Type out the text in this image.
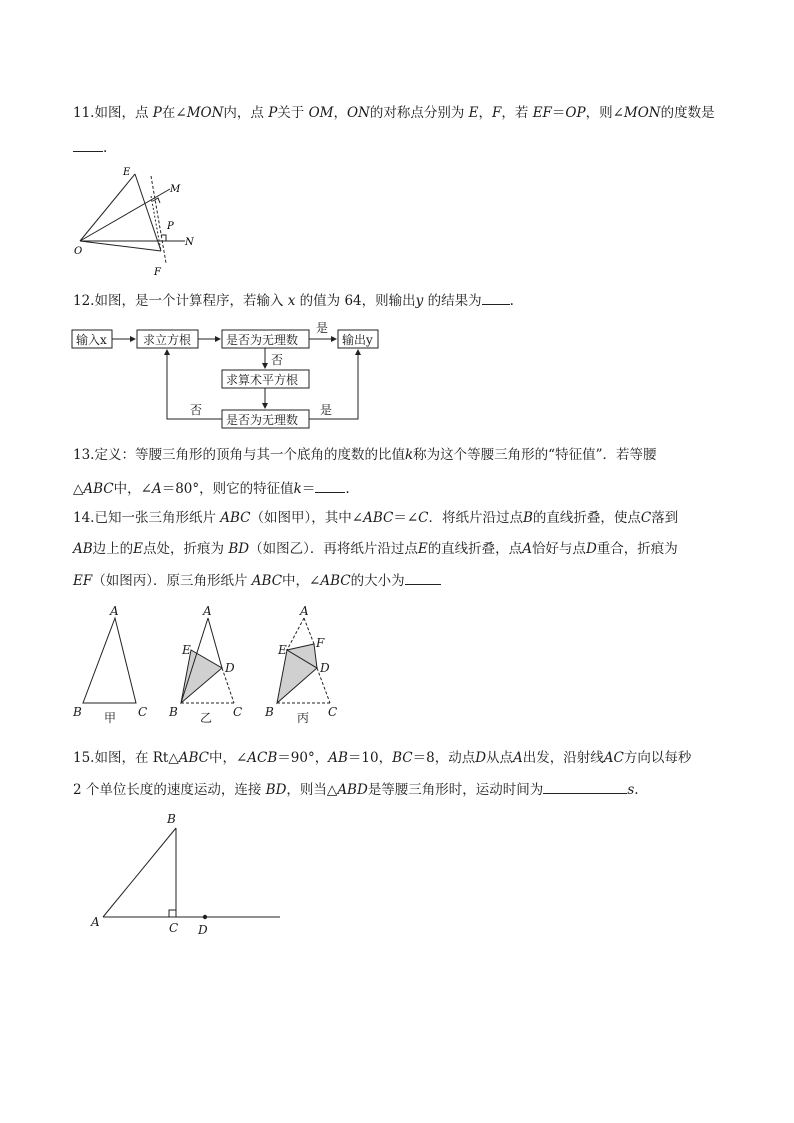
11.如图，点 P在∠MON内，点 P关于 OM，ON的对称点分别为 E，F，若 EF＝OP，则∠MON的度数是
.
E
M
P
O
N
F
12.如图，是一个计算程序，若输入 x 的值为 64，则输出y 的结果为 .
输入x	求立方根	是否为无理数	输出y
求算术平方根
是否为无理数
是
否
否	是
13.定义：等腰三角形的顶角与其一个底角的度数的比值k称为这个等腰三角形的“特征值”．若等腰
△ABC中，∠A＝80°，则它的特征值k＝ .
14.已知一张三角形纸片 ABC（如图甲），其中∠ABC＝∠C．将纸片沿过点B的直线折叠，使点C落到
AB边上的E点处，折痕为 BD（如图乙）．再将纸片沿过点E的直线折叠，点A恰好与点D重合，折痕为
EF（如图丙）．原三角形纸片 ABC中，∠ABC的大小为
A
B	C
A
E
D
B	C
A
E F
D
B	C
甲	乙	丙
15.如图，在 Rt△ABC中，∠ACB＝90°，AB＝10，BC＝8，动点D从点A出发，沿射线AC方向以每秒
2 个单位长度的速度运动，连接 BD，则当△ABD是等腰三角形时，运动时间为	s.
B
A	C D
